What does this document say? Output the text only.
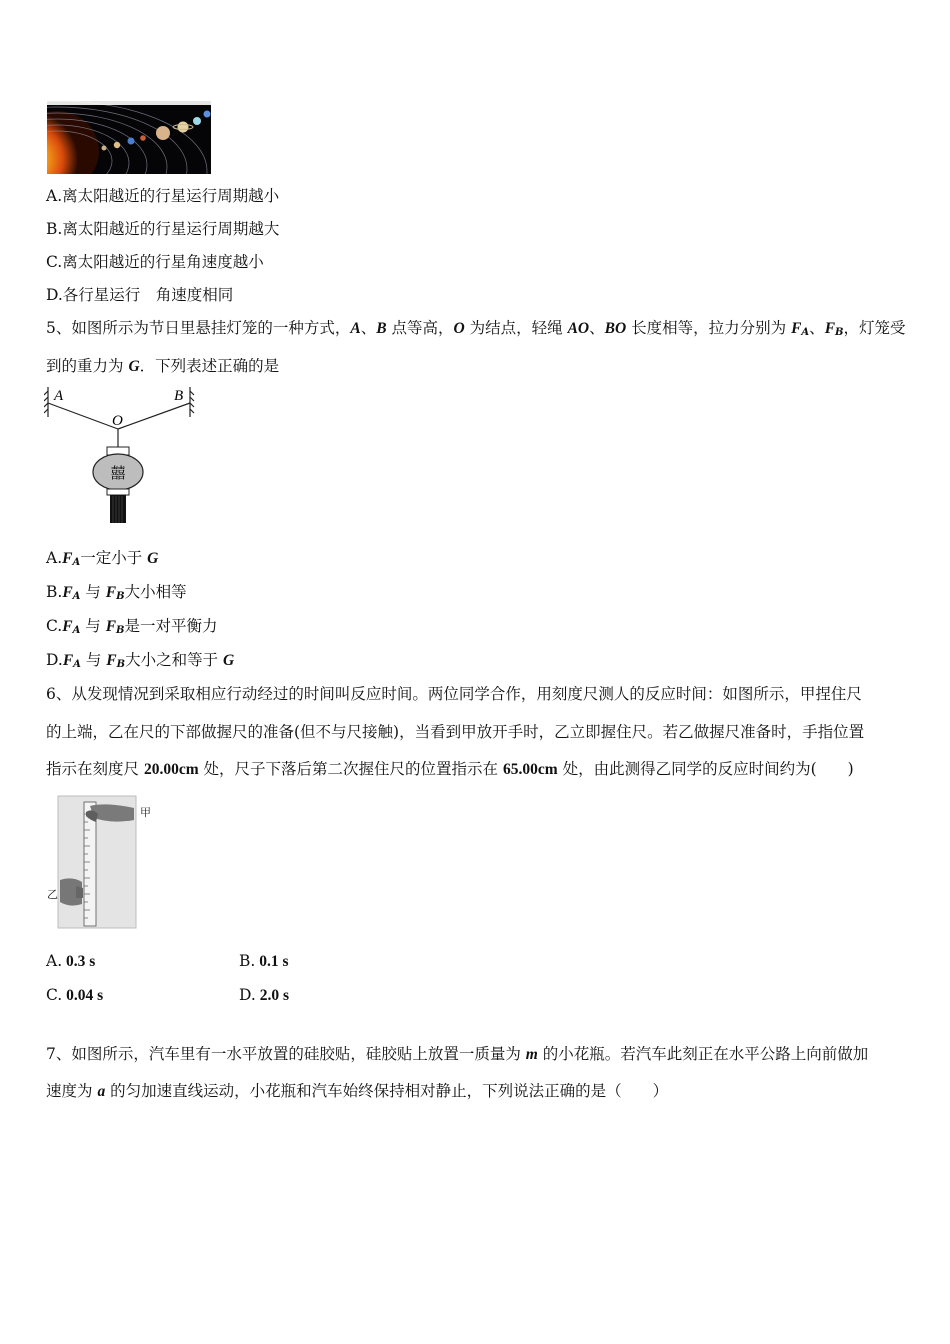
A.离太阳越近的行星运行周期越小
B.离太阳越近的行星运行周期越大
C.离太阳越近的行星角速度越小
D.各行星运行　角速度相同
5、如图所示为节日里悬挂灯笼的一种方式，A、B 点等高，O 为结点，轻绳 AO、BO 长度相等，拉力分别为 $F_A$、$F_B$，灯笼受
到的重力为 G．下列表述正确的是
A	B
O
囍
$A.F_A$一定小于 G
$B.F_A$ 与 $F_B$大小相等
$C.F_A$ 与 $F_B$是一对平衡力
$D.F_A$ 与 $F_B$大小之和等于 G
6、从发现情况到采取相应行动经过的时间叫反应时间。两位同学合作，用刻度尺测人的反应时间：如图所示，甲捏住尺
的上端，乙在尺的下部做握尺的准备(但不与尺接触)，当看到甲放开手时，乙立即握住尺。若乙做握尺准备时，手指位置
指示在刻度尺 20.00cm 处，尺子下落后第二次握住尺的位置指示在 65.00cm 处，由此测得乙同学的反应时间约为(　　)
甲
乙
A. 0.3 s	B. 0.1 s
C. 0.04 s	D. 2.0 s
7、如图所示，汽车里有一水平放置的硅胶贴，硅胶贴上放置一质量为 m 的小花瓶。若汽车此刻正在水平公路上向前做加
速度为 a 的匀加速直线运动，小花瓶和汽车始终保持相对静止，下列说法正确的是（　　）
